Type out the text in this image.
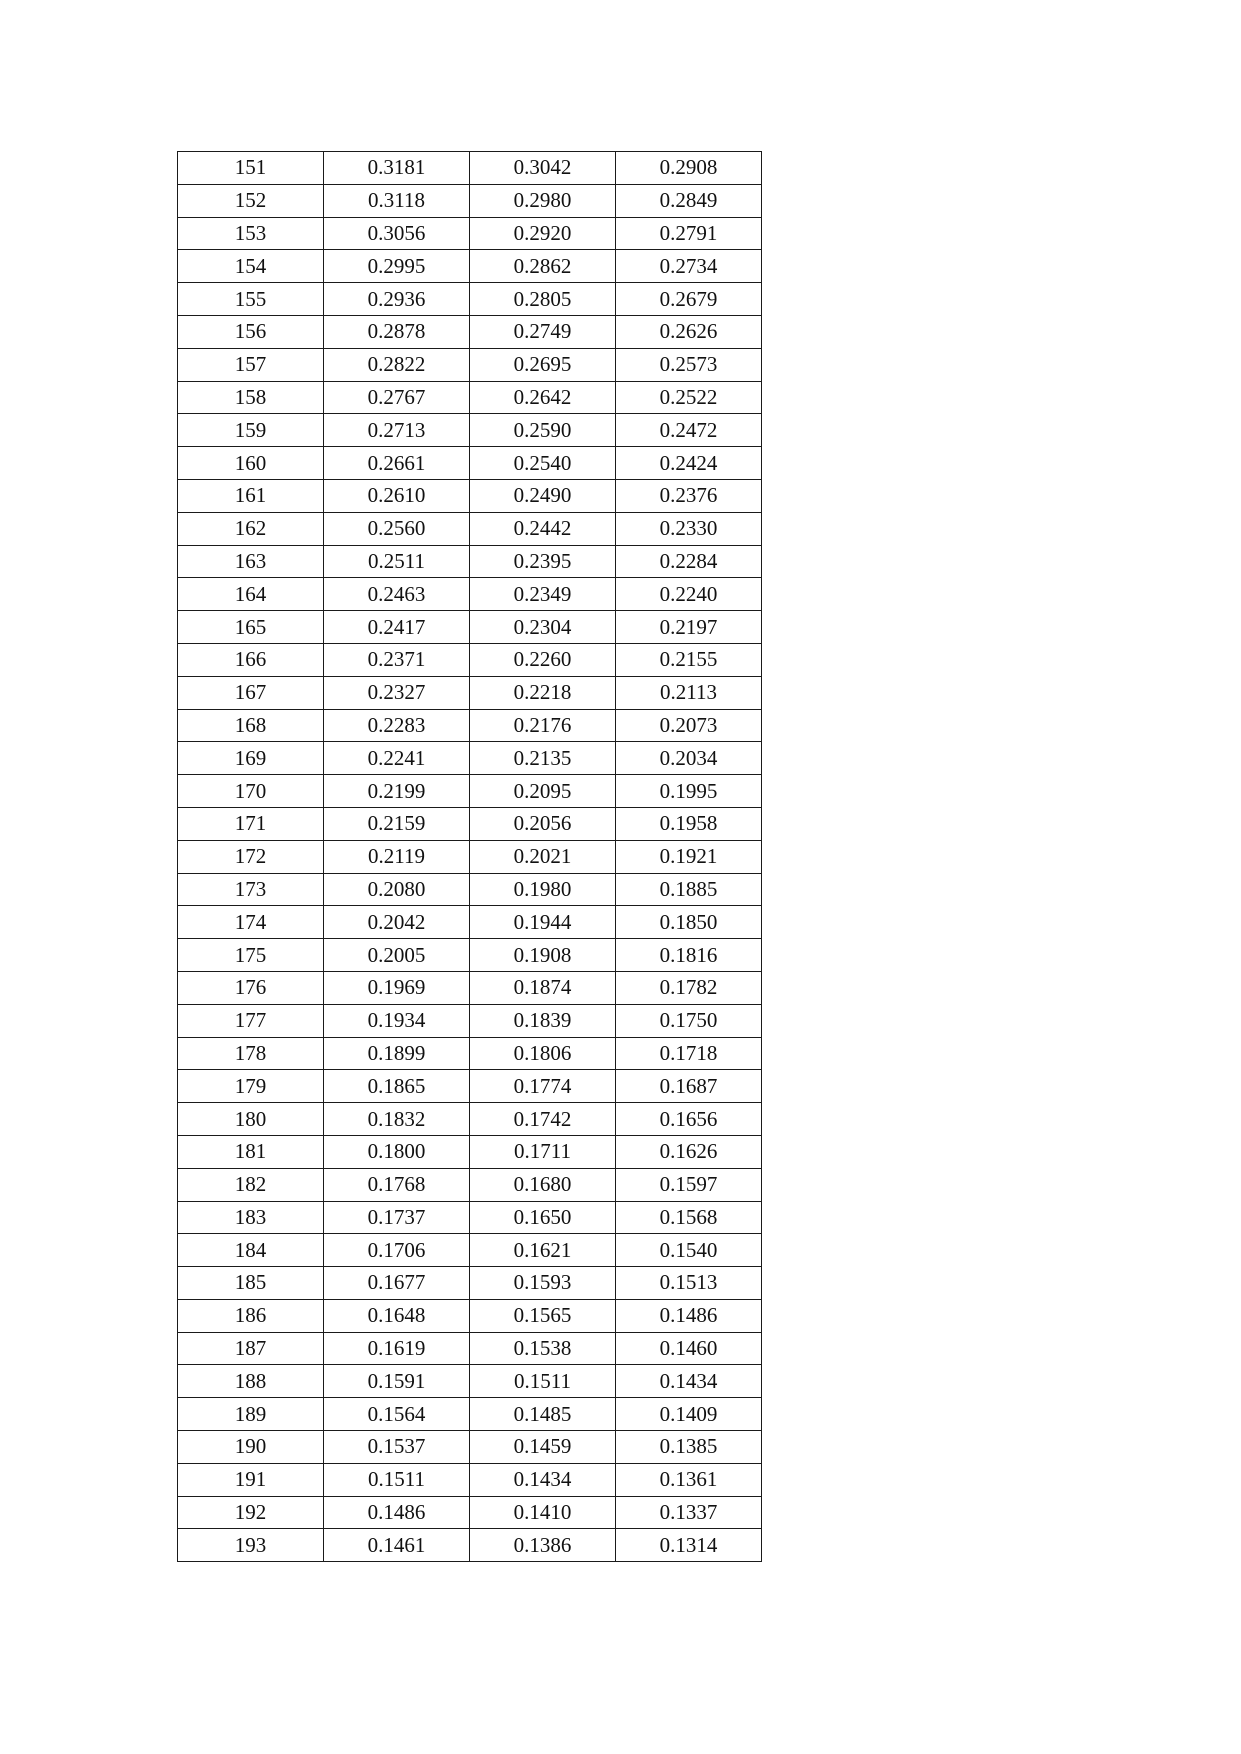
151	0.3181	0.3042	0.2908
152	0.3118	0.2980	0.2849
153	0.3056	0.2920	0.2791
154	0.2995	0.2862	0.2734
155	0.2936	0.2805	0.2679
156	0.2878	0.2749	0.2626
157	0.2822	0.2695	0.2573
158	0.2767	0.2642	0.2522
159	0.2713	0.2590	0.2472
160	0.2661	0.2540	0.2424
161	0.2610	0.2490	0.2376
162	0.2560	0.2442	0.2330
163	0.2511	0.2395	0.2284
164	0.2463	0.2349	0.2240
165	0.2417	0.2304	0.2197
166	0.2371	0.2260	0.2155
167	0.2327	0.2218	0.2113
168	0.2283	0.2176	0.2073
169	0.2241	0.2135	0.2034
170	0.2199	0.2095	0.1995
171	0.2159	0.2056	0.1958
172	0.2119	0.2021	0.1921
173	0.2080	0.1980	0.1885
174	0.2042	0.1944	0.1850
175	0.2005	0.1908	0.1816
176	0.1969	0.1874	0.1782
177	0.1934	0.1839	0.1750
178	0.1899	0.1806	0.1718
179	0.1865	0.1774	0.1687
180	0.1832	0.1742	0.1656
181	0.1800	0.1711	0.1626
182	0.1768	0.1680	0.1597
183	0.1737	0.1650	0.1568
184	0.1706	0.1621	0.1540
185	0.1677	0.1593	0.1513
186	0.1648	0.1565	0.1486
187	0.1619	0.1538	0.1460
188	0.1591	0.1511	0.1434
189	0.1564	0.1485	0.1409
190	0.1537	0.1459	0.1385
191	0.1511	0.1434	0.1361
192	0.1486	0.1410	0.1337
193	0.1461	0.1386	0.1314
